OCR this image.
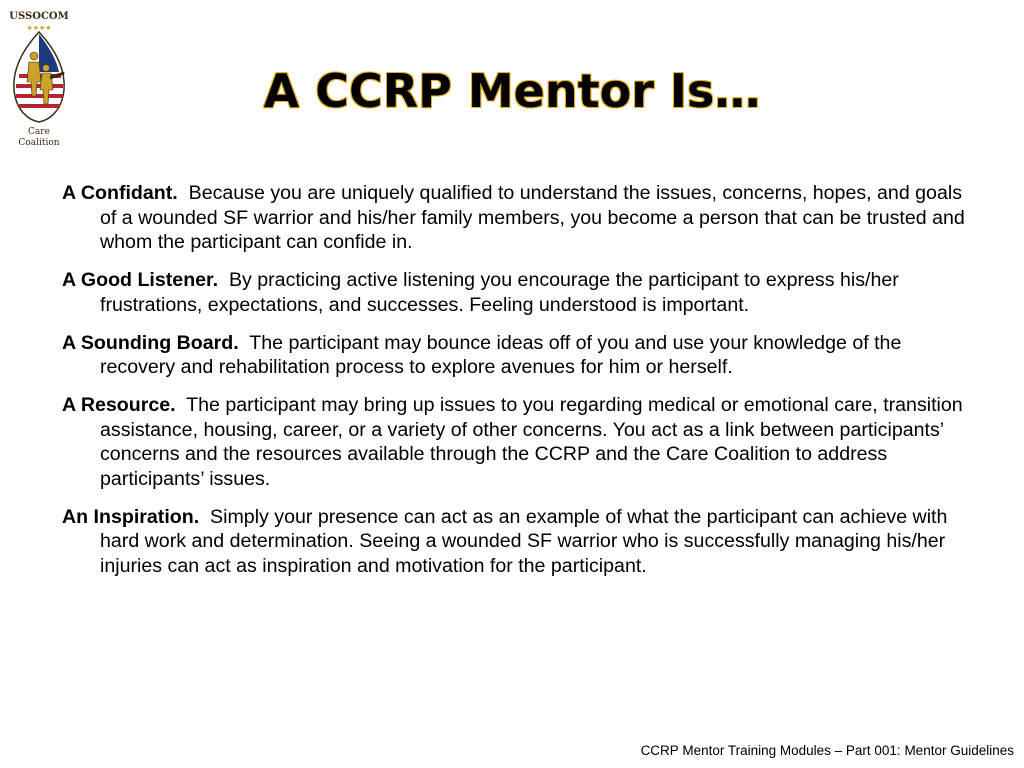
USSOCOM
★★★★
Care
Coalition
A CCRP Mentor Is…

A Confidant. Because you are uniquely qualified to understand the issues, concerns, hopes, and goals of a wounded SF warrior and his/her family members, you become a person that can be trusted and whom the participant can confide in.

A Good Listener. By practicing active listening you encourage the participant to express his/her frustrations, expectations, and successes. Feeling understood is important.

A Sounding Board. The participant may bounce ideas off of you and use your knowledge of the recovery and rehabilitation process to explore avenues for him or herself.

A Resource. The participant may bring up issues to you regarding medical or emotional care, transition assistance, housing, career, or a variety of other concerns. You act as a link between participants’ concerns and the resources available through the CCRP and the Care Coalition to address participants’ issues.

An Inspiration. Simply your presence can act as an example of what the participant can achieve with hard work and determination. Seeing a wounded SF warrior who is successfully managing his/her injuries can act as inspiration and motivation for the participant.

CCRP Mentor Training Modules – Part 001: Mentor Guidelines
